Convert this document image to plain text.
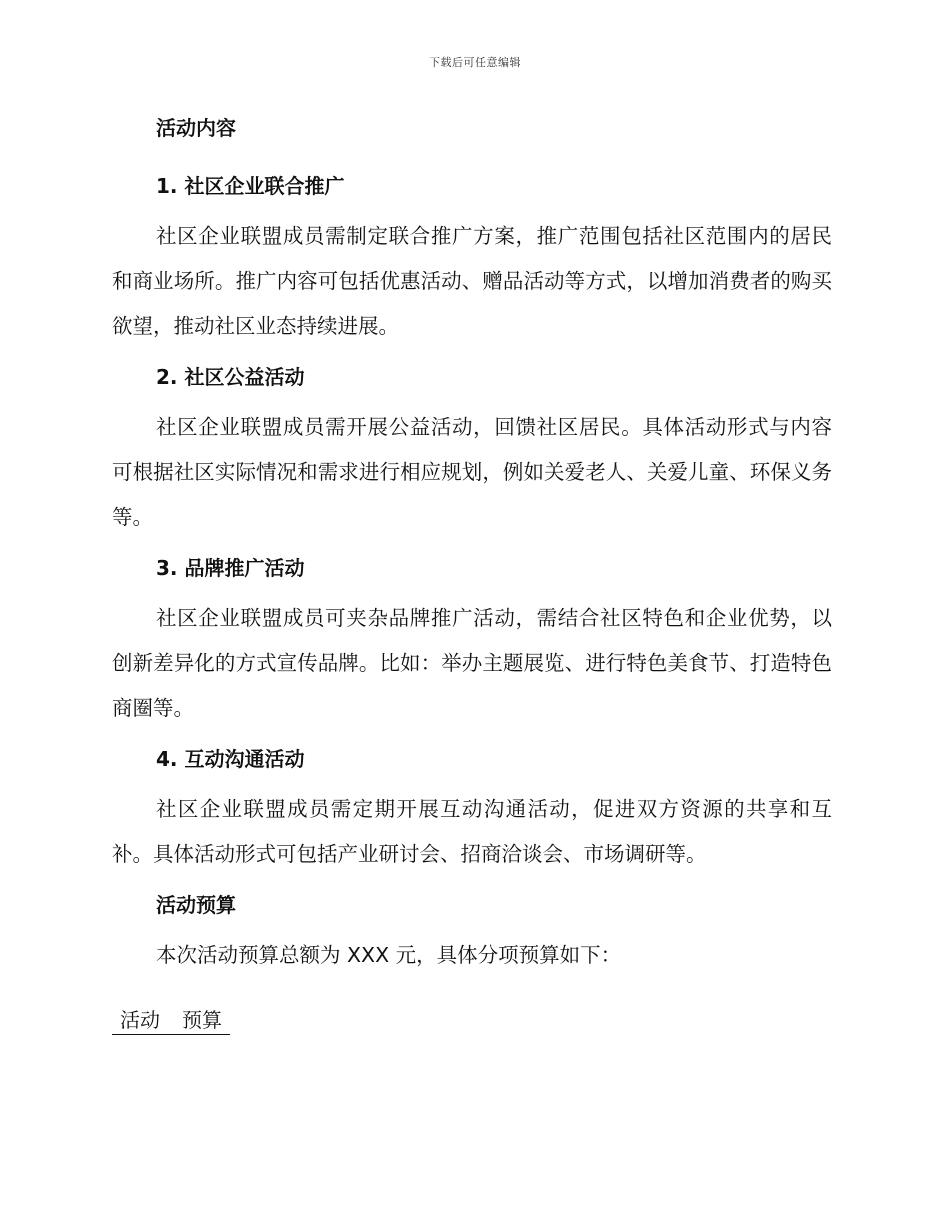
下载后可任意编辑

活动内容

1. 社区企业联合推广

社区企业联盟成员需制定联合推广方案，推广范围包括社区范围内的居民和商业场所。推广内容可包括优惠活动、赠品活动等方式，以增加消费者的购买欲望，推动社区业态持续进展。

2. 社区公益活动

社区企业联盟成员需开展公益活动，回馈社区居民。具体活动形式与内容可根据社区实际情况和需求进行相应规划，例如关爱老人、关爱儿童、环保义务等。

3. 品牌推广活动

社区企业联盟成员可夹杂品牌推广活动，需结合社区特色和企业优势，以创新差异化的方式宣传品牌。比如：举办主题展览、进行特色美食节、打造特色商圈等。

4. 互动沟通活动

社区企业联盟成员需定期开展互动沟通活动，促进双方资源的共享和互补。具体活动形式可包括产业研讨会、招商洽谈会、市场调研等。

活动预算

本次活动预算总额为 XXX 元，具体分项预算如下：

活动 预算
